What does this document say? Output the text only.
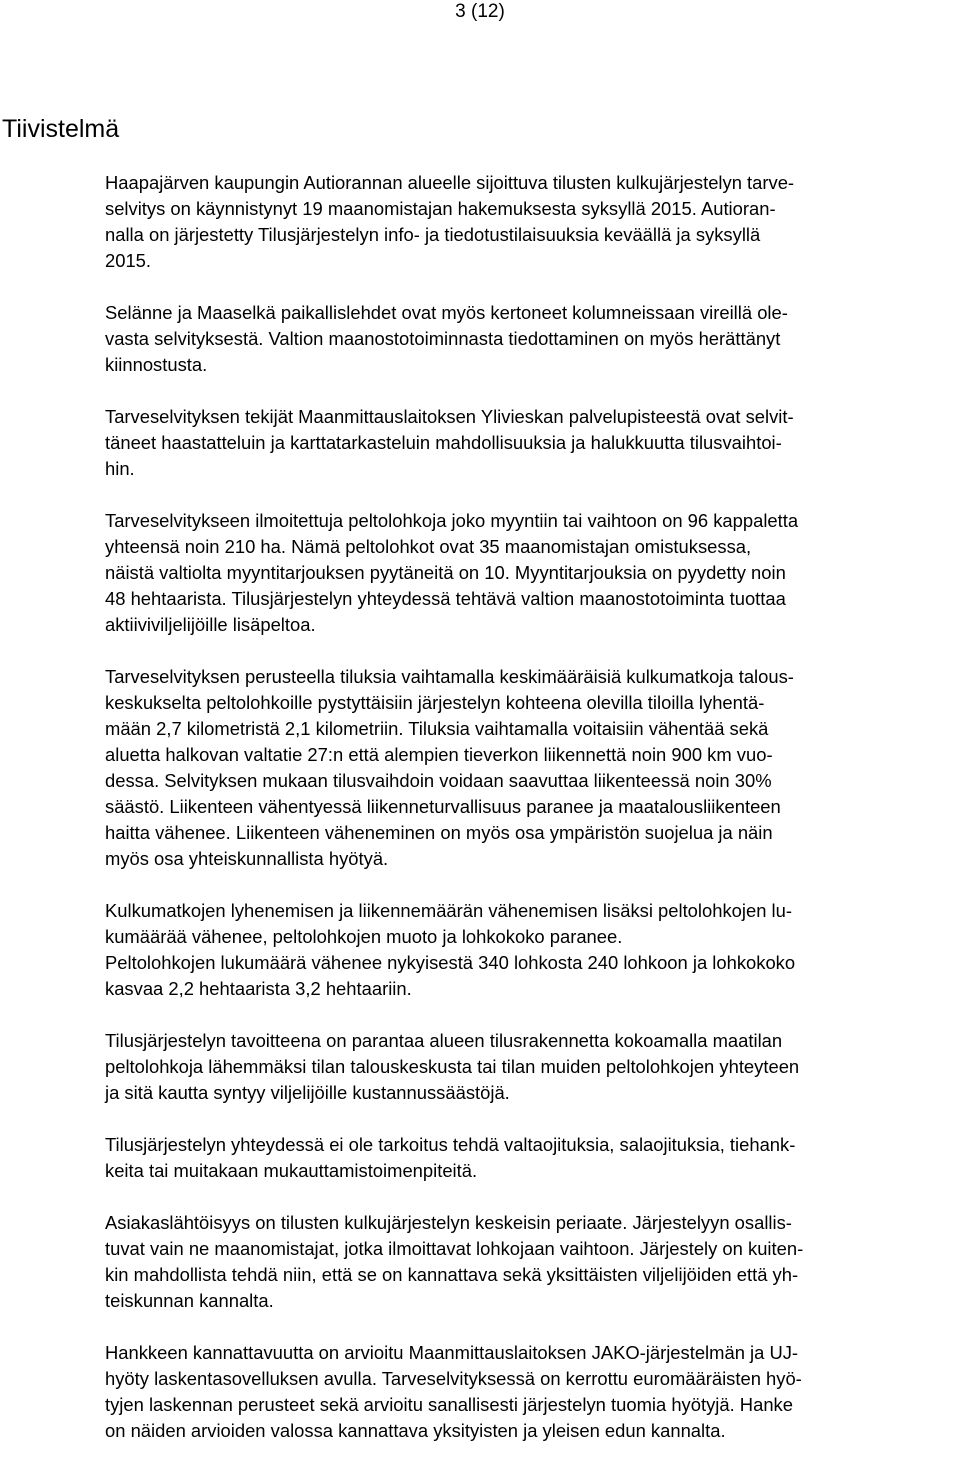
3 (12)
Tiivistelmä

Haapajärven kaupungin Autiorannan alueelle sijoittuva tilusten kulkujärjestelyn tarve-
selvitys on käynnistynyt 19 maanomistajan hakemuksesta syksyllä 2015. Autioran-
nalla on järjestetty Tilusjärjestelyn info- ja tiedotustilaisuuksia keväällä ja syksyllä
2015.

Selänne ja Maaselkä paikallislehdet ovat myös kertoneet kolumneissaan vireillä ole-
vasta selvityksestä. Valtion maanostotoiminnasta tiedottaminen on myös herättänyt
kiinnostusta.

Tarveselvityksen tekijät Maanmittauslaitoksen Ylivieskan palvelupisteestä ovat selvit-
täneet haastatteluin ja karttatarkasteluin mahdollisuuksia ja halukkuutta tilusvaihtoi-
hin.

Tarveselvitykseen ilmoitettuja peltolohkoja joko myyntiin tai vaihtoon on 96 kappaletta
yhteensä noin 210 ha. Nämä peltolohkot ovat 35 maanomistajan omistuksessa,
näistä valtiolta myyntitarjouksen pyytäneitä on 10. Myyntitarjouksia on pyydetty noin
48 hehtaarista. Tilusjärjestelyn yhteydessä tehtävä valtion maanostotoiminta tuottaa
aktiiviviljelijöille lisäpeltoa.

Tarveselvityksen perusteella tiluksia vaihtamalla keskimääräisiä kulkumatkoja talous-
keskukselta peltolohkoille pystyttäisiin järjestelyn kohteena olevilla tiloilla lyhentä-
mään 2,7 kilometristä 2,1 kilometriin. Tiluksia vaihtamalla voitaisiin vähentää sekä
aluetta halkovan valtatie 27:n että alempien tieverkon liikennettä noin 900 km vuo-
dessa. Selvityksen mukaan tilusvaihdoin voidaan saavuttaa liikenteessä noin 30%
säästö. Liikenteen vähentyessä liikenneturvallisuus paranee ja maatalousliikenteen
haitta vähenee. Liikenteen väheneminen on myös osa ympäristön suojelua ja näin
myös osa yhteiskunnallista hyötyä.

Kulkumatkojen lyhenemisen ja liikennemäärän vähenemisen lisäksi peltolohkojen lu-
kumäärää vähenee, peltolohkojen muoto ja lohkokoko paranee.
Peltolohkojen lukumäärä vähenee nykyisestä 340 lohkosta 240 lohkoon ja lohkokoko
kasvaa 2,2 hehtaarista 3,2 hehtaariin.

Tilusjärjestelyn tavoitteena on parantaa alueen tilusrakennetta kokoamalla maatilan
peltolohkoja lähemmäksi tilan talouskeskusta tai tilan muiden peltolohkojen yhteyteen
ja sitä kautta syntyy viljelijöille kustannussäästöjä.

Tilusjärjestelyn yhteydessä ei ole tarkoitus tehdä valtaojituksia, salaojituksia, tiehank-
keita tai muitakaan mukauttamistoimenpiteitä.

Asiakaslähtöisyys on tilusten kulkujärjestelyn keskeisin periaate. Järjestelyyn osallis-
tuvat vain ne maanomistajat, jotka ilmoittavat lohkojaan vaihtoon. Järjestely on kuiten-
kin mahdollista tehdä niin, että se on kannattava sekä yksittäisten viljelijöiden että yh-
teiskunnan kannalta.

Hankkeen kannattavuutta on arvioitu Maanmittauslaitoksen JAKO-järjestelmän ja UJ-
hyöty laskentasovelluksen avulla. Tarveselvityksessä on kerrottu euromääräisten hyö-
tyjen laskennan perusteet sekä arvioitu sanallisesti järjestelyn tuomia hyötyjä. Hanke
on näiden arvioiden valossa kannattava yksityisten ja yleisen edun kannalta.
